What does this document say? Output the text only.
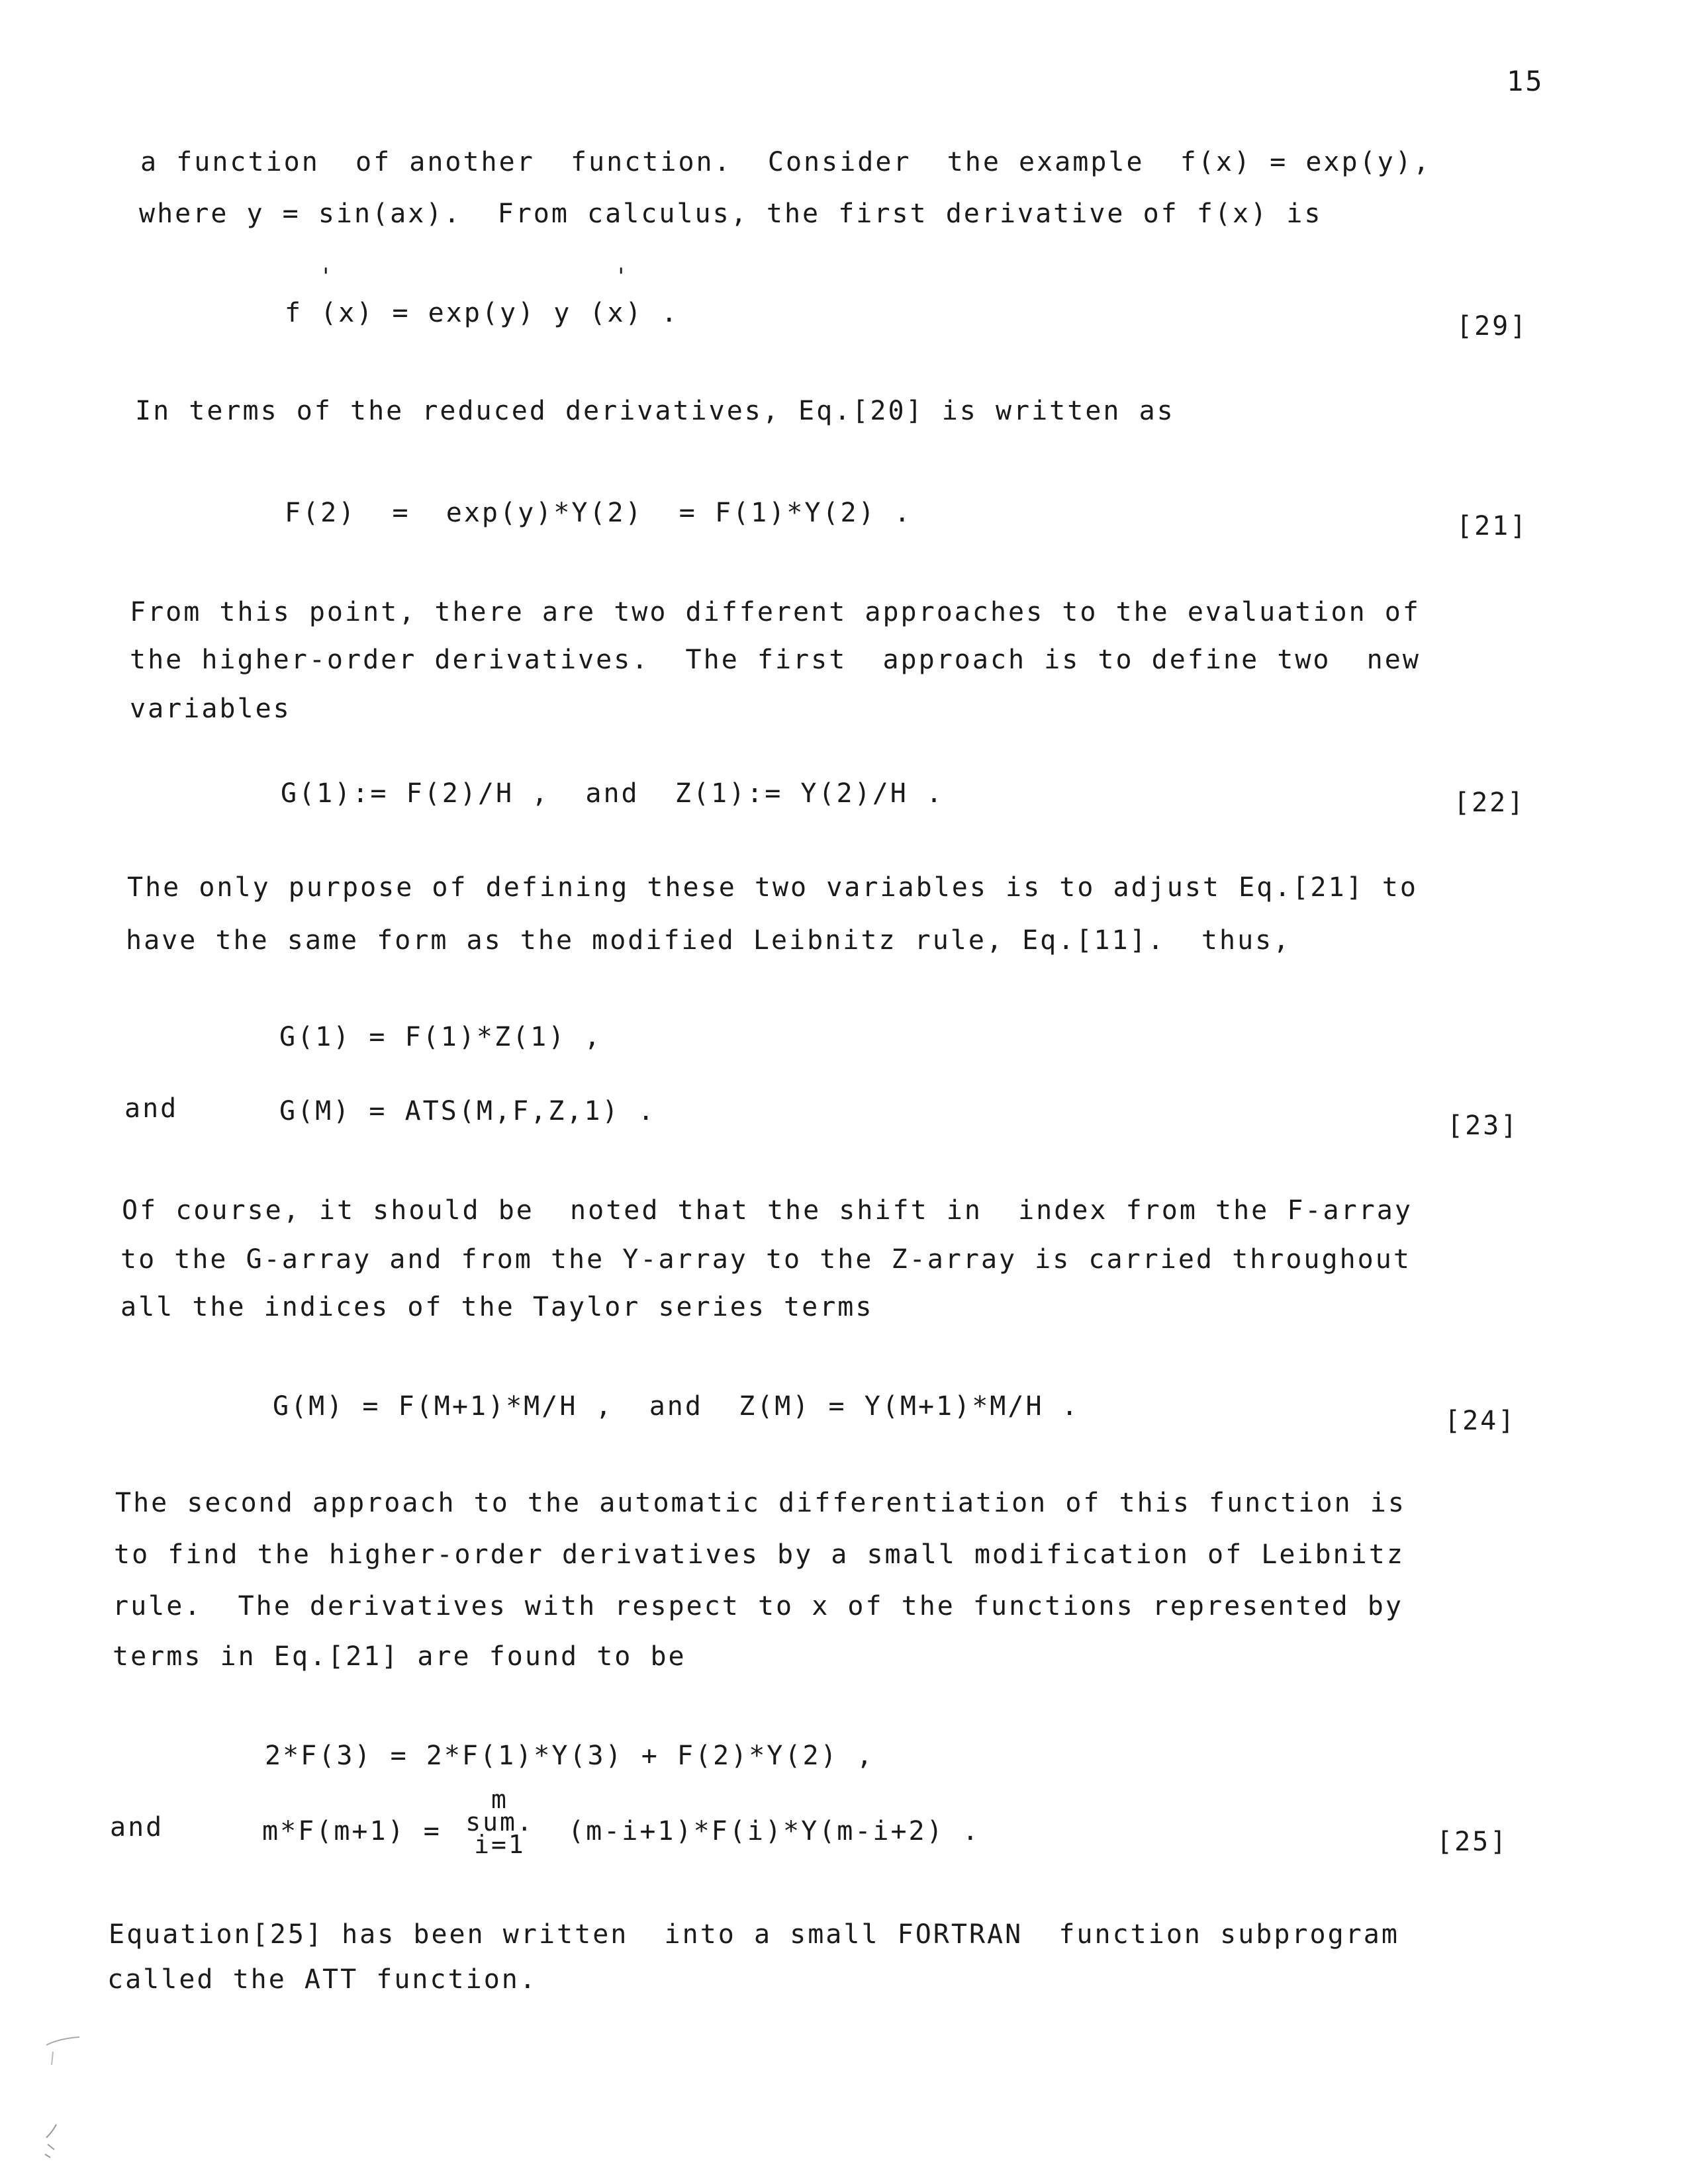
15
a function  of another  function.  Consider  the example  f(x) = exp(y),
where y = sin(ax).  From calculus, the first derivative of f(x) is
'	'
f (x) = exp(y) y (x) .	[29]
In terms of the reduced derivatives, Eq.[20] is written as
F(2)  =  exp(y)*Y(2)  = F(1)*Y(2) .	[21]
From this point, there are two different approaches to the evaluation of
the higher-order derivatives.  The first  approach is to define two  new
variables
G(1):= F(2)/H ,  and  Z(1):= Y(2)/H .	[22]
The only purpose of defining these two variables is to adjust Eq.[21] to
have the same form as the modified Leibnitz rule, Eq.[11].  thus,
G(1) = F(1)*Z(1) ,
and	G(M) = ATS(M,F,Z,1) .	[23]
Of course, it should be  noted that the shift in  index from the F-array
to the G-array and from the Y-array to the Z-array is carried throughout
all the indices of the Taylor series terms
G(M) = F(M+1)*M/H ,  and  Z(M) = Y(M+1)*M/H .	[24]
The second approach to the automatic differentiation of this function is
to find the higher-order derivatives by a small modification of Leibnitz
rule.  The derivatives with respect to x of the functions represented by
terms in Eq.[21] are found to be
2*F(3) = 2*F(1)*Y(3) + F(2)*Y(2) ,
and	m*F(m+1) =
m
sum.
i=1	(m-i+1)*F(i)*Y(m-i+2) .	[25]
Equation[25] has been written  into a small FORTRAN  function subprogram
called the ATT function.
